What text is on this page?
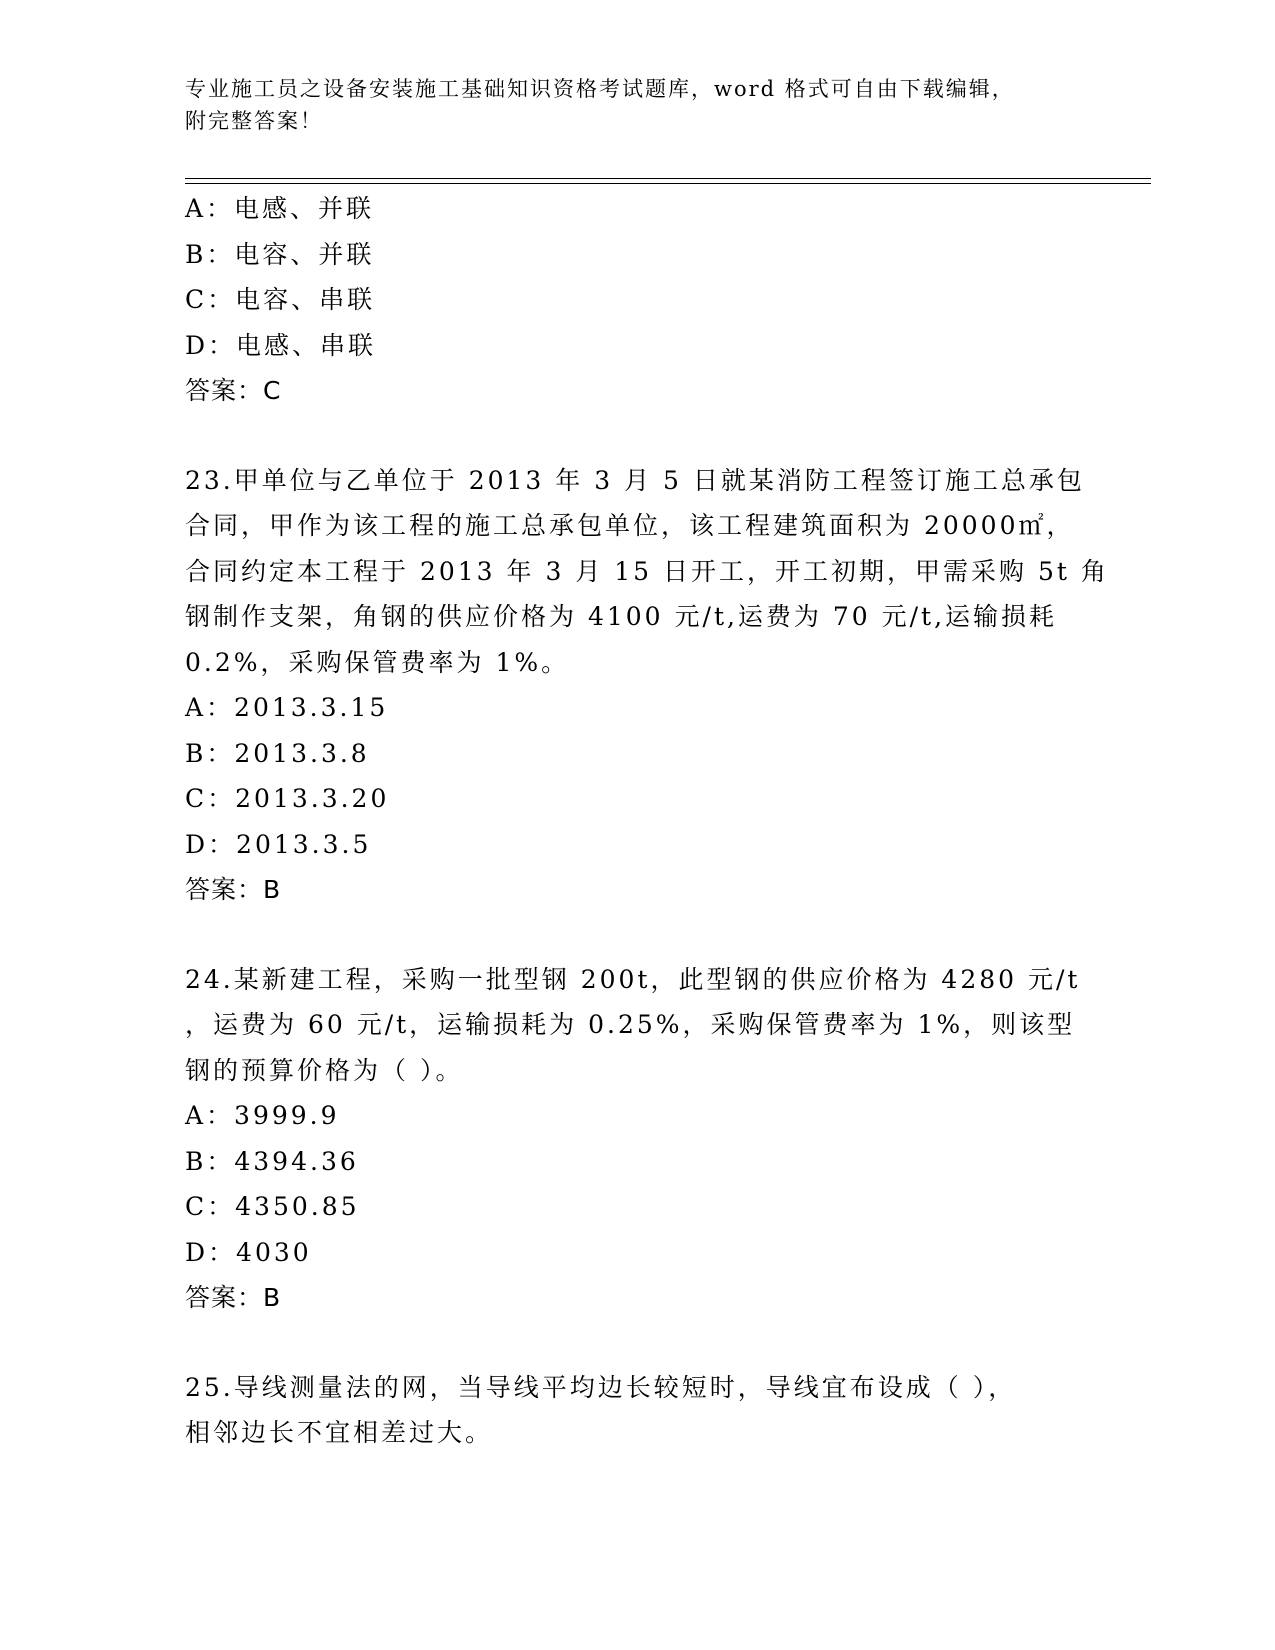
专业施工员之设备安装施工基础知识资格考试题库，word 格式可自由下载编辑，
附完整答案！
A：电感、并联
B：电容、并联
C：电容、串联
D：电感、串联
答案：C
23.甲单位与乙单位于 2013 年 3 月 5 日就某消防工程签订施工总承包
合同，甲作为该工程的施工总承包单位，该工程建筑面积为 20000㎡，
合同约定本工程于 2013 年 3 月 15 日开工，开工初期，甲需采购 5t 角
钢制作支架，角钢的供应价格为 4100 元/t,运费为 70 元/t,运输损耗
0.2%，采购保管费率为 1%。
A：2013.3.15
B：2013.3.8
C：2013.3.20
D：2013.3.5
答案：B
24.某新建工程，采购一批型钢 200t，此型钢的供应价格为 4280 元/t
，运费为 60 元/t，运输损耗为 0.25%，采购保管费率为 1%，则该型
钢的预算价格为（ ）。
A：3999.9
B：4394.36
C：4350.85
D：4030
答案：B
25.导线测量法的网，当导线平均边长较短时，导线宜布设成（ ），
相邻边长不宜相差过大。
